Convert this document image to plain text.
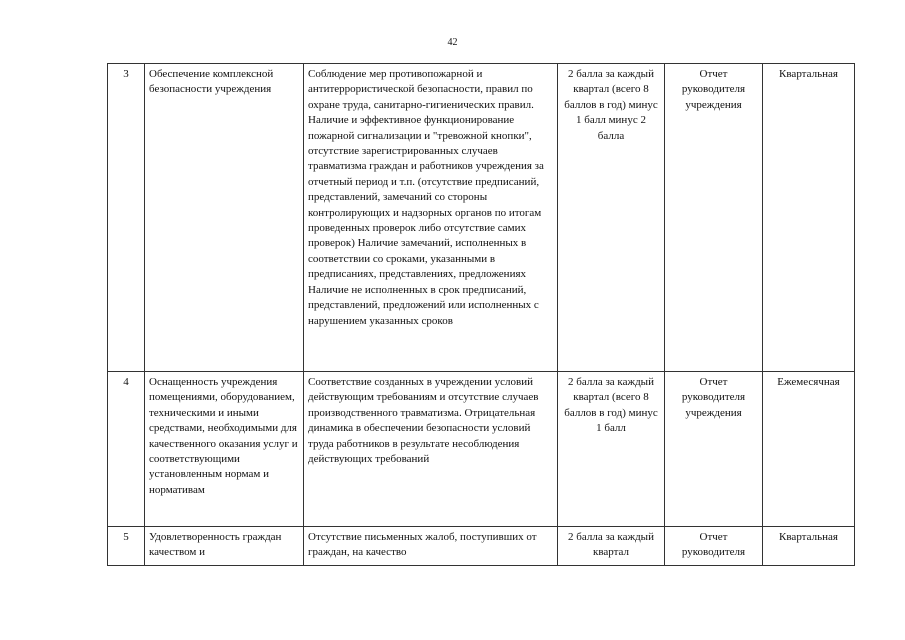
42
3	Обеспечение комплексной безопасности учреждения	Соблюдение мер противопожарной и антитеррористической безопасности, правил по охране труда, санитарно-гигиенических правил. Наличие и эффективное функционирование пожарной сигнализации и "тревожной кнопки", отсутствие зарегистрированных случаев травматизма граждан и работников учреждения за отчетный период и т.п. (отсутствие предписаний, представлений, замечаний со стороны контролирующих и надзорных органов по итогам проведенных проверок либо отсутствие самих проверок) Наличие замечаний, исполненных в соответствии со сроками, указанными в предписаниях, представлениях, предложениях Наличие не исполненных в срок предписаний, представлений, предложений или исполненных с нарушением указанных сроков	2 балла за каждый квартал (всего 8 баллов в год) минус 1 балл минус 2 балла	Отчет руководителя учреждения	Квартальная
4	Оснащенность учреждения помещениями, оборудованием, техническими и иными средствами, необходимыми для качественного оказания услуг и соответствующими установленным нормам и нормативам	Соответствие созданных в учреждении условий действующим требованиям и отсутствие случаев производственного травматизма. Отрицательная динамика в обеспечении безопасности условий труда работников в результате несоблюдения действующих требований	2 балла за каждый квартал (всего 8 баллов в год) минус 1 балл	Отчет руководителя учреждения	Ежемесячная
5	Удовлетворенность граждан качеством и	Отсутствие письменных жалоб, поступивших от граждан, на качество	2 балла за каждый квартал	Отчет руководителя	Квартальная
